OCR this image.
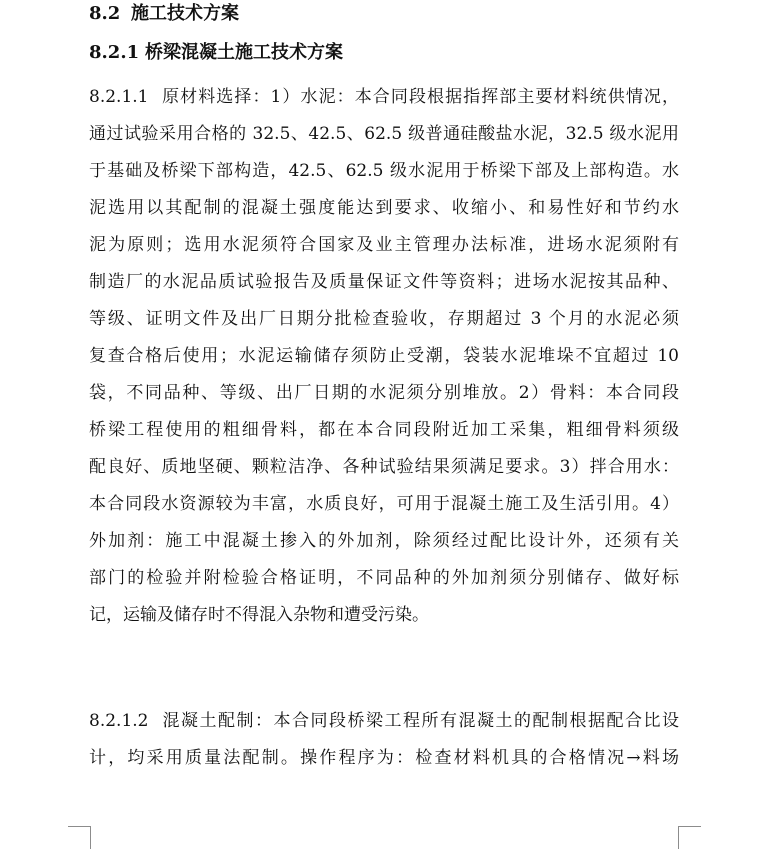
8.2 施工技术方案
8.2.1 桥梁混凝土施工技术方案
8.2.1.1 原材料选择：1）水泥：本合同段根据指挥部主要材料统供情况，
通过试验采用合格的 32.5、42.5、62.5 级普通硅酸盐水泥，32.5 级水泥用
于基础及桥梁下部构造，42.5、62.5 级水泥用于桥梁下部及上部构造。水
泥选用以其配制的混凝土强度能达到要求、收缩小、和易性好和节约水
泥为原则；选用水泥须符合国家及业主管理办法标准，进场水泥须附有
制造厂的水泥品质试验报告及质量保证文件等资料；进场水泥按其品种、
等级、证明文件及出厂日期分批检查验收，存期超过 3 个月的水泥必须
复查合格后使用；水泥运输储存须防止受潮，袋装水泥堆垛不宜超过 10
袋，不同品种、等级、出厂日期的水泥须分别堆放。2）骨料：本合同段
桥梁工程使用的粗细骨料，都在本合同段附近加工采集，粗细骨料须级
配良好、质地坚硬、颗粒洁净、各种试验结果须满足要求。3）拌合用水：
本合同段水资源较为丰富，水质良好，可用于混凝土施工及生活引用。4）
外加剂：施工中混凝土掺入的外加剂，除须经过配比设计外，还须有关
部门的检验并附检验合格证明，不同品种的外加剂须分别储存、做好标
记，运输及储存时不得混入杂物和遭受污染。
8.2.1.2 混凝土配制：本合同段桥梁工程所有混凝土的配制根据配合比设
计，均采用质量法配制。操作程序为：检查材料机具的合格情况→料场
